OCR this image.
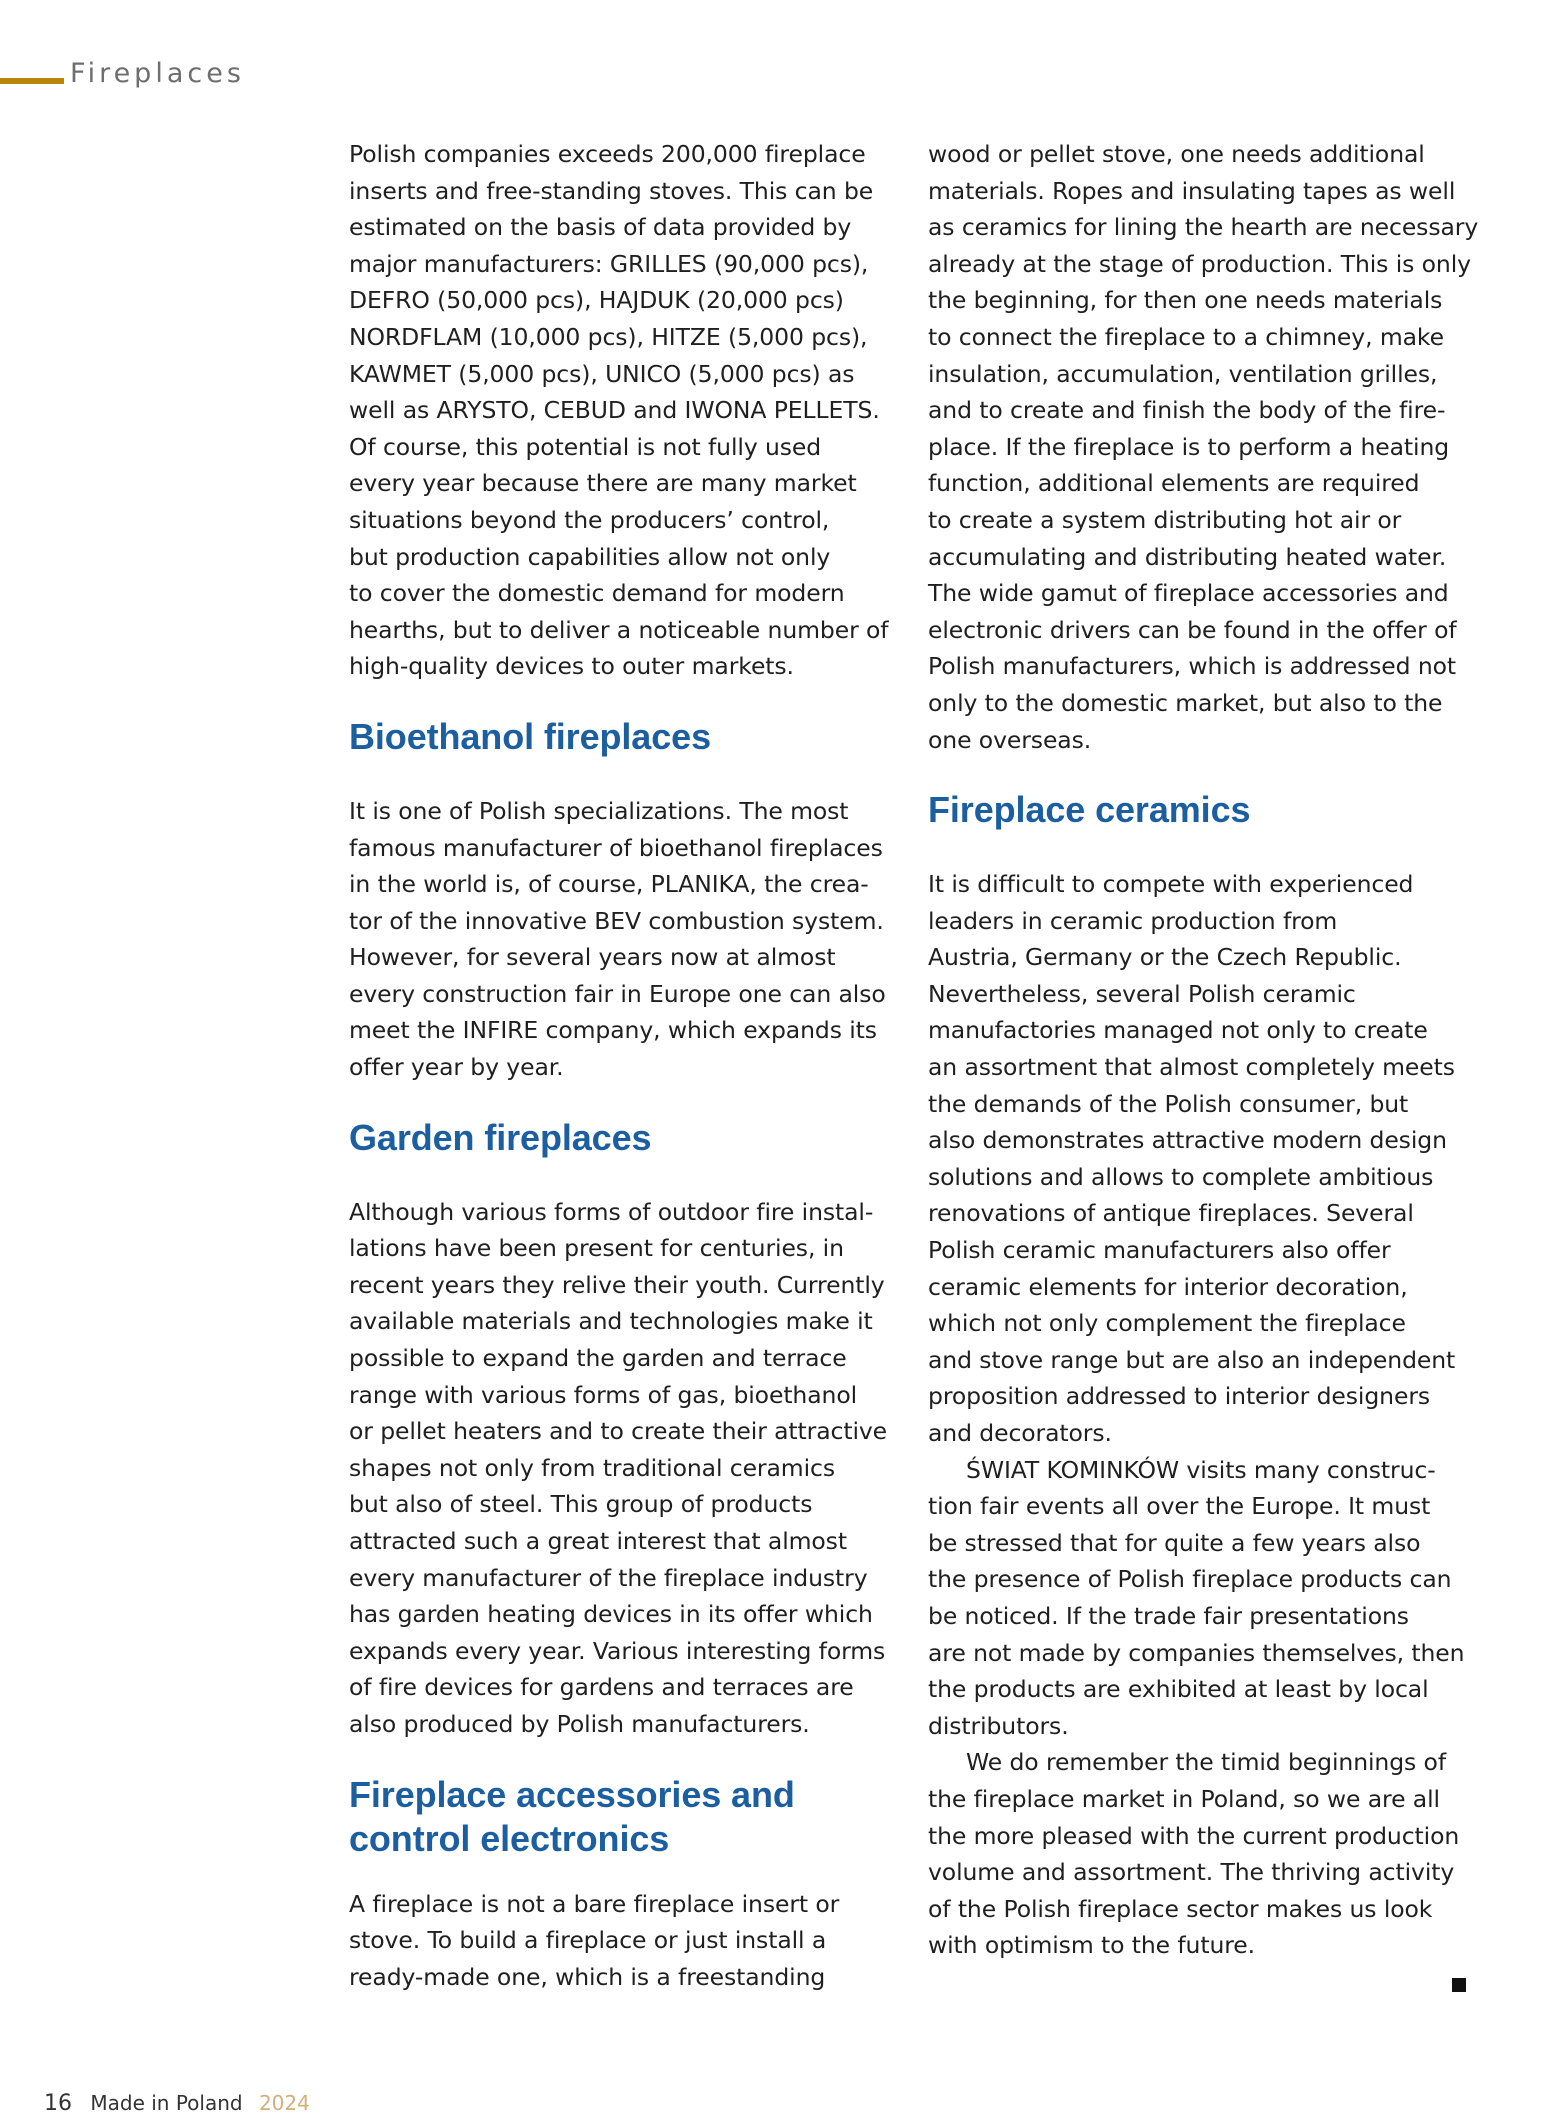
Fireplaces

Polish companies exceeds 200,000 fireplace
inserts and free-standing stoves. This can be
estimated on the basis of data provided by
major manufacturers: GRILLES (90,000 pcs),
DEFRO (50,000 pcs), HAJDUK (20,000 pcs)
NORDFLAM (10,000 pcs), HITZE (5,000 pcs),
KAWMET (5,000 pcs), UNICO (5,000 pcs) as
well as ARYSTO, CEBUD and IWONA PELLETS.
Of course, this potential is not fully used
every year because there are many market
situations beyond the producers’ control,
but production capabilities allow not only
to cover the domestic demand for modern
hearths, but to deliver a noticeable number of
high-quality devices to outer markets.

Bioethanol fireplaces

It is one of Polish specializations. The most
famous manufacturer of bioethanol fireplaces
in the world is, of course, PLANIKA, the crea-
tor of the innovative BEV combustion system.
However, for several years now at almost
every construction fair in Europe one can also
meet the INFIRE company, which expands its
offer year by year.

Garden fireplaces

Although various forms of outdoor fire instal-
lations have been present for centuries, in
recent years they relive their youth. Currently
available materials and technologies make it
possible to expand the garden and terrace
range with various forms of gas, bioethanol
or pellet heaters and to create their attractive
shapes not only from traditional ceramics
but also of steel. This group of products
attracted such a great interest that almost
every manufacturer of the fireplace industry
has garden heating devices in its offer which
expands every year. Various interesting forms
of fire devices for gardens and terraces are
also produced by Polish manufacturers.

Fireplace accessories and
control electronics

A fireplace is not a bare fireplace insert or
stove. To build a fireplace or just install a
ready-made one, which is a freestanding

wood or pellet stove, one needs additional
materials. Ropes and insulating tapes as well
as ceramics for lining the hearth are necessary
already at the stage of production. This is only
the beginning, for then one needs materials
to connect the fireplace to a chimney, make
insulation, accumulation, ventilation grilles,
and to create and finish the body of the fire-
place. If the fireplace is to perform a heating
function, additional elements are required
to create a system distributing hot air or
accumulating and distributing heated water.
The wide gamut of fireplace accessories and
electronic drivers can be found in the offer of
Polish manufacturers, which is addressed not
only to the domestic market, but also to the
one overseas.

Fireplace ceramics

It is difficult to compete with experienced
leaders in ceramic production from
Austria, Germany or the Czech Republic.
Nevertheless, several Polish ceramic
manufactories managed not only to create
an assortment that almost completely meets
the demands of the Polish consumer, but
also demonstrates attractive modern design
solutions and allows to complete ambitious
renovations of antique fireplaces. Several
Polish ceramic manufacturers also offer
ceramic elements for interior decoration,
which not only complement the fireplace
and stove range but are also an independent
proposition addressed to interior designers
and decorators.

ŚWIAT KOMINKÓW visits many construc-
tion fair events all over the Europe. It must
be stressed that for quite a few years also
the presence of Polish fireplace products can
be noticed. If the trade fair presentations
are not made by companies themselves, then
the products are exhibited at least by local
distributors.

We do remember the timid beginnings of
the fireplace market in Poland, so we are all
the more pleased with the current production
volume and assortment. The thriving activity
of the Polish fireplace sector makes us look
with optimism to the future.

16 Made in Poland 2024
